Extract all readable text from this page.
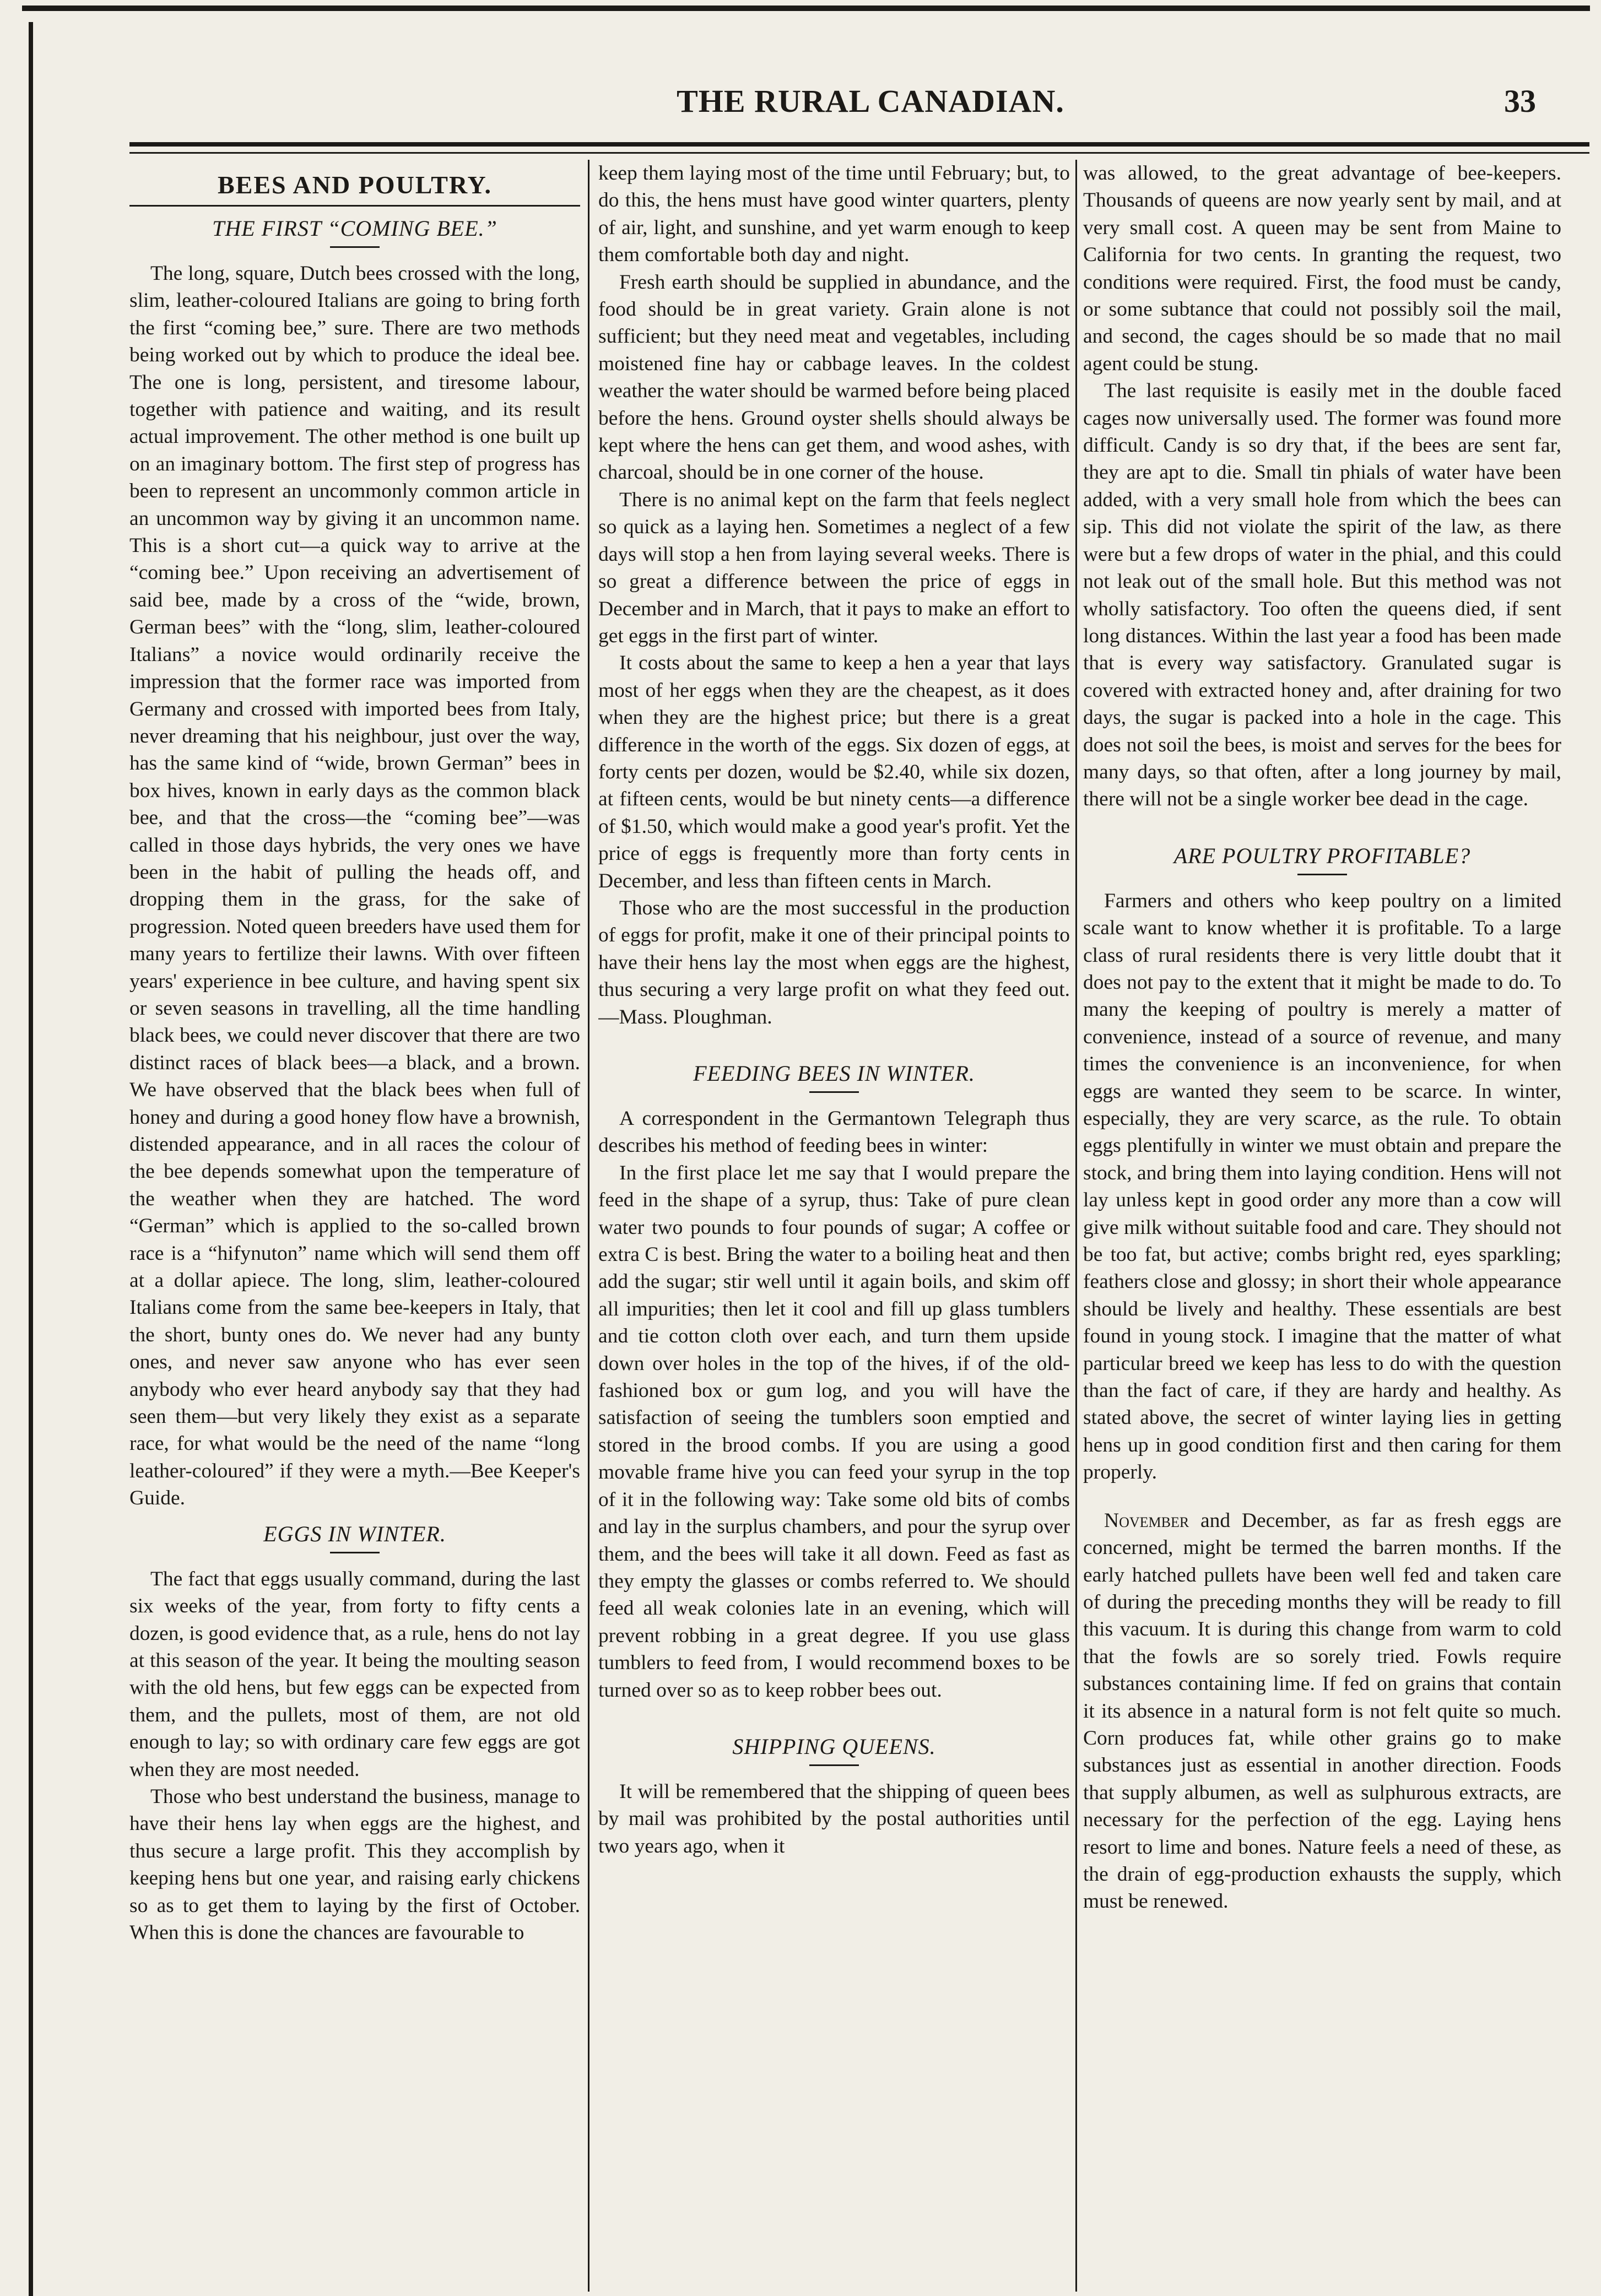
THE RURAL CANADIAN.	33
BEES AND POULTRY.
THE FIRST “COMING BEE.”

The long, square, Dutch bees crossed with the long, slim, leather-coloured Italians are going to bring forth the first “coming bee,” sure. There are two methods being worked out by which to produce the ideal bee. The one is long, persistent, and tiresome labour, together with patience and waiting, and its result actual improvement. The other method is one built up on an imaginary bottom. The first step of progress has been to represent an uncommonly common article in an uncommon way by giving it an uncommon name. This is a short cut—a quick way to arrive at the “coming bee.” Upon receiving an advertisement of said bee, made by a cross of the “wide, brown, German bees” with the “long, slim, leather-coloured Italians” a novice would ordinarily receive the impression that the former race was imported from Germany and crossed with imported bees from Italy, never dreaming that his neighbour, just over the way, has the same kind of “wide, brown German” bees in box hives, known in early days as the common black bee, and that the cross—the “coming bee”—was called in those days hybrids, the very ones we have been in the habit of pulling the heads off, and dropping them in the grass, for the sake of progression. Noted queen breeders have used them for many years to fertilize their lawns. With over fifteen years' experience in bee culture, and having spent six or seven seasons in travelling, all the time handling black bees, we could never discover that there are two distinct races of black bees—a black, and a brown. We have observed that the black bees when full of honey and during a good honey flow have a brownish, distended appearance, and in all races the colour of the bee depends somewhat upon the temperature of the weather when they are hatched. The word “German” which is applied to the so-called brown race is a “hifynuton” name which will send them off at a dollar apiece. The long, slim, leather-coloured Italians come from the same bee-keepers in Italy, that the short, bunty ones do. We never had any bunty ones, and never saw anyone who has ever seen anybody who ever heard anybody say that they had seen them—but very likely they exist as a separate race, for what would be the need of the name “long leather-coloured” if they were a myth.—Bee Keeper's Guide.

EGGS IN WINTER.

The fact that eggs usually command, during the last six weeks of the year, from forty to fifty cents a dozen, is good evidence that, as a rule, hens do not lay at this season of the year. It being the moulting season with the old hens, but few eggs can be expected from them, and the pullets, most of them, are not old enough to lay; so with ordinary care few eggs are got when they are most needed.

Those who best understand the business, manage to have their hens lay when eggs are the highest, and thus secure a large profit. This they accomplish by keeping hens but one year, and raising early chickens so as to get them to laying by the first of October. When this is done the chances are favourable to

keep them laying most of the time until February; but, to do this, the hens must have good winter quarters, plenty of air, light, and sunshine, and yet warm enough to keep them comfortable both day and night.

Fresh earth should be supplied in abundance, and the food should be in great variety. Grain alone is not sufficient; but they need meat and vegetables, including moistened fine hay or cabbage leaves. In the coldest weather the water should be warmed before being placed before the hens. Ground oyster shells should always be kept where the hens can get them, and wood ashes, with charcoal, should be in one corner of the house.

There is no animal kept on the farm that feels neglect so quick as a laying hen. Sometimes a neglect of a few days will stop a hen from laying several weeks. There is so great a difference between the price of eggs in December and in March, that it pays to make an effort to get eggs in the first part of winter.

It costs about the same to keep a hen a year that lays most of her eggs when they are the cheapest, as it does when they are the highest price; but there is a great difference in the worth of the eggs. Six dozen of eggs, at forty cents per dozen, would be $2.40, while six dozen, at fifteen cents, would be but ninety cents—a difference of $1.50, which would make a good year's profit. Yet the price of eggs is frequently more than forty cents in December, and less than fifteen cents in March.

Those who are the most successful in the production of eggs for profit, make it one of their principal points to have their hens lay the most when eggs are the highest, thus securing a very large profit on what they feed out.—Mass. Ploughman.

FEEDING BEES IN WINTER.

A correspondent in the Germantown Telegraph thus describes his method of feeding bees in winter:

In the first place let me say that I would prepare the feed in the shape of a syrup, thus: Take of pure clean water two pounds to four pounds of sugar; A coffee or extra C is best. Bring the water to a boiling heat and then add the sugar; stir well until it again boils, and skim off all impurities; then let it cool and fill up glass tumblers and tie cotton cloth over each, and turn them upside down over holes in the top of the hives, if of the old-fashioned box or gum log, and you will have the satisfaction of seeing the tumblers soon emptied and stored in the brood combs. If you are using a good movable frame hive you can feed your syrup in the top of it in the following way: Take some old bits of combs and lay in the surplus chambers, and pour the syrup over them, and the bees will take it all down. Feed as fast as they empty the glasses or combs referred to. We should feed all weak colonies late in an evening, which will prevent robbing in a great degree. If you use glass tumblers to feed from, I would recommend boxes to be turned over so as to keep robber bees out.

SHIPPING QUEENS.

It will be remembered that the shipping of queen bees by mail was prohibited by the postal authorities until two years ago, when it

was allowed, to the great advantage of bee-keepers. Thousands of queens are now yearly sent by mail, and at very small cost. A queen may be sent from Maine to California for two cents. In granting the request, two conditions were required. First, the food must be candy, or some subtance that could not possibly soil the mail, and second, the cages should be so made that no mail agent could be stung.

The last requisite is easily met in the double faced cages now universally used. The former was found more difficult. Candy is so dry that, if the bees are sent far, they are apt to die. Small tin phials of water have been added, with a very small hole from which the bees can sip. This did not violate the spirit of the law, as there were but a few drops of water in the phial, and this could not leak out of the small hole. But this method was not wholly satisfactory. Too often the queens died, if sent long distances. Within the last year a food has been made that is every way satisfactory. Granulated sugar is covered with extracted honey and, after draining for two days, the sugar is packed into a hole in the cage. This does not soil the bees, is moist and serves for the bees for many days, so that often, after a long journey by mail, there will not be a single worker bee dead in the cage.

ARE POULTRY PROFITABLE?

Farmers and others who keep poultry on a limited scale want to know whether it is profitable. To a large class of rural residents there is very little doubt that it does not pay to the extent that it might be made to do. To many the keeping of poultry is merely a matter of convenience, instead of a source of revenue, and many times the convenience is an inconvenience, for when eggs are wanted they seem to be scarce. In winter, especially, they are very scarce, as the rule. To obtain eggs plentifully in winter we must obtain and prepare the stock, and bring them into laying condition. Hens will not lay unless kept in good order any more than a cow will give milk without suitable food and care. They should not be too fat, but active; combs bright red, eyes sparkling; feathers close and glossy; in short their whole appearance should be lively and healthy. These essentials are best found in young stock. I imagine that the matter of what particular breed we keep has less to do with the question than the fact of care, if they are hardy and healthy. As stated above, the secret of winter laying lies in getting hens up in good condition first and then caring for them properly.

November and December, as far as fresh eggs are concerned, might be termed the barren months. If the early hatched pullets have been well fed and taken care of during the preceding months they will be ready to fill this vacuum. It is during this change from warm to cold that the fowls are so sorely tried. Fowls require substances containing lime. If fed on grains that contain it its absence in a natural form is not felt quite so much. Corn produces fat, while other grains go to make substances just as essential in another direction. Foods that supply albumen, as well as sulphurous extracts, are necessary for the perfection of the egg. Laying hens resort to lime and bones. Nature feels a need of these, as the drain of egg-production exhausts the supply, which must be renewed.
